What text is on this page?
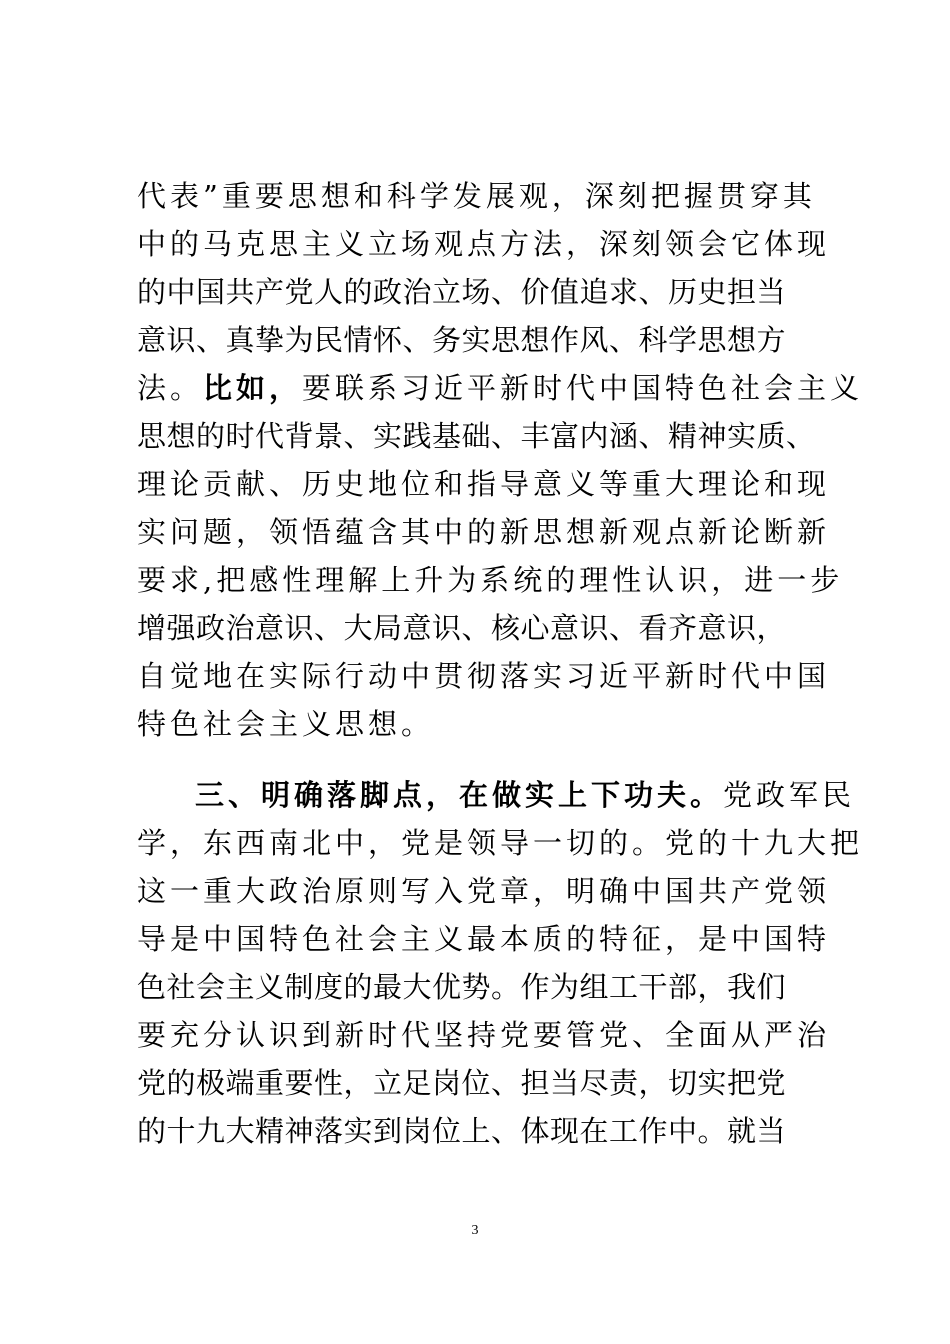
代表”重要思想和科学发展观，深刻把握贯穿其
中的马克思主义立场观点方法，深刻领会它体现
的中国共产党人的政治立场、价值追求、历史担当
意识、真挚为民情怀、务实思想作风、科学思想方
法。比如，要联系习近平新时代中国特色社会主义
思想的时代背景、实践基础、丰富内涵、精神实质、
理论贡献、历史地位和指导意义等重大理论和现
实问题，领悟蕴含其中的新思想新观点新论断新
要求,把感性理解上升为系统的理性认识，进一步
增强政治意识、大局意识、核心意识、看齐意识，
自觉地在实际行动中贯彻落实习近平新时代中国
特色社会主义思想。
三、明确落脚点，在做实上下功夫。党政军民
学，东西南北中，党是领导一切的。党的十九大把
这一重大政治原则写入党章，明确中国共产党领
导是中国特色社会主义最本质的特征，是中国特
色社会主义制度的最大优势。作为组工干部，我们
要充分认识到新时代坚持党要管党、全面从严治
党的极端重要性，立足岗位、担当尽责，切实把党
的十九大精神落实到岗位上、体现在工作中。就当
3
